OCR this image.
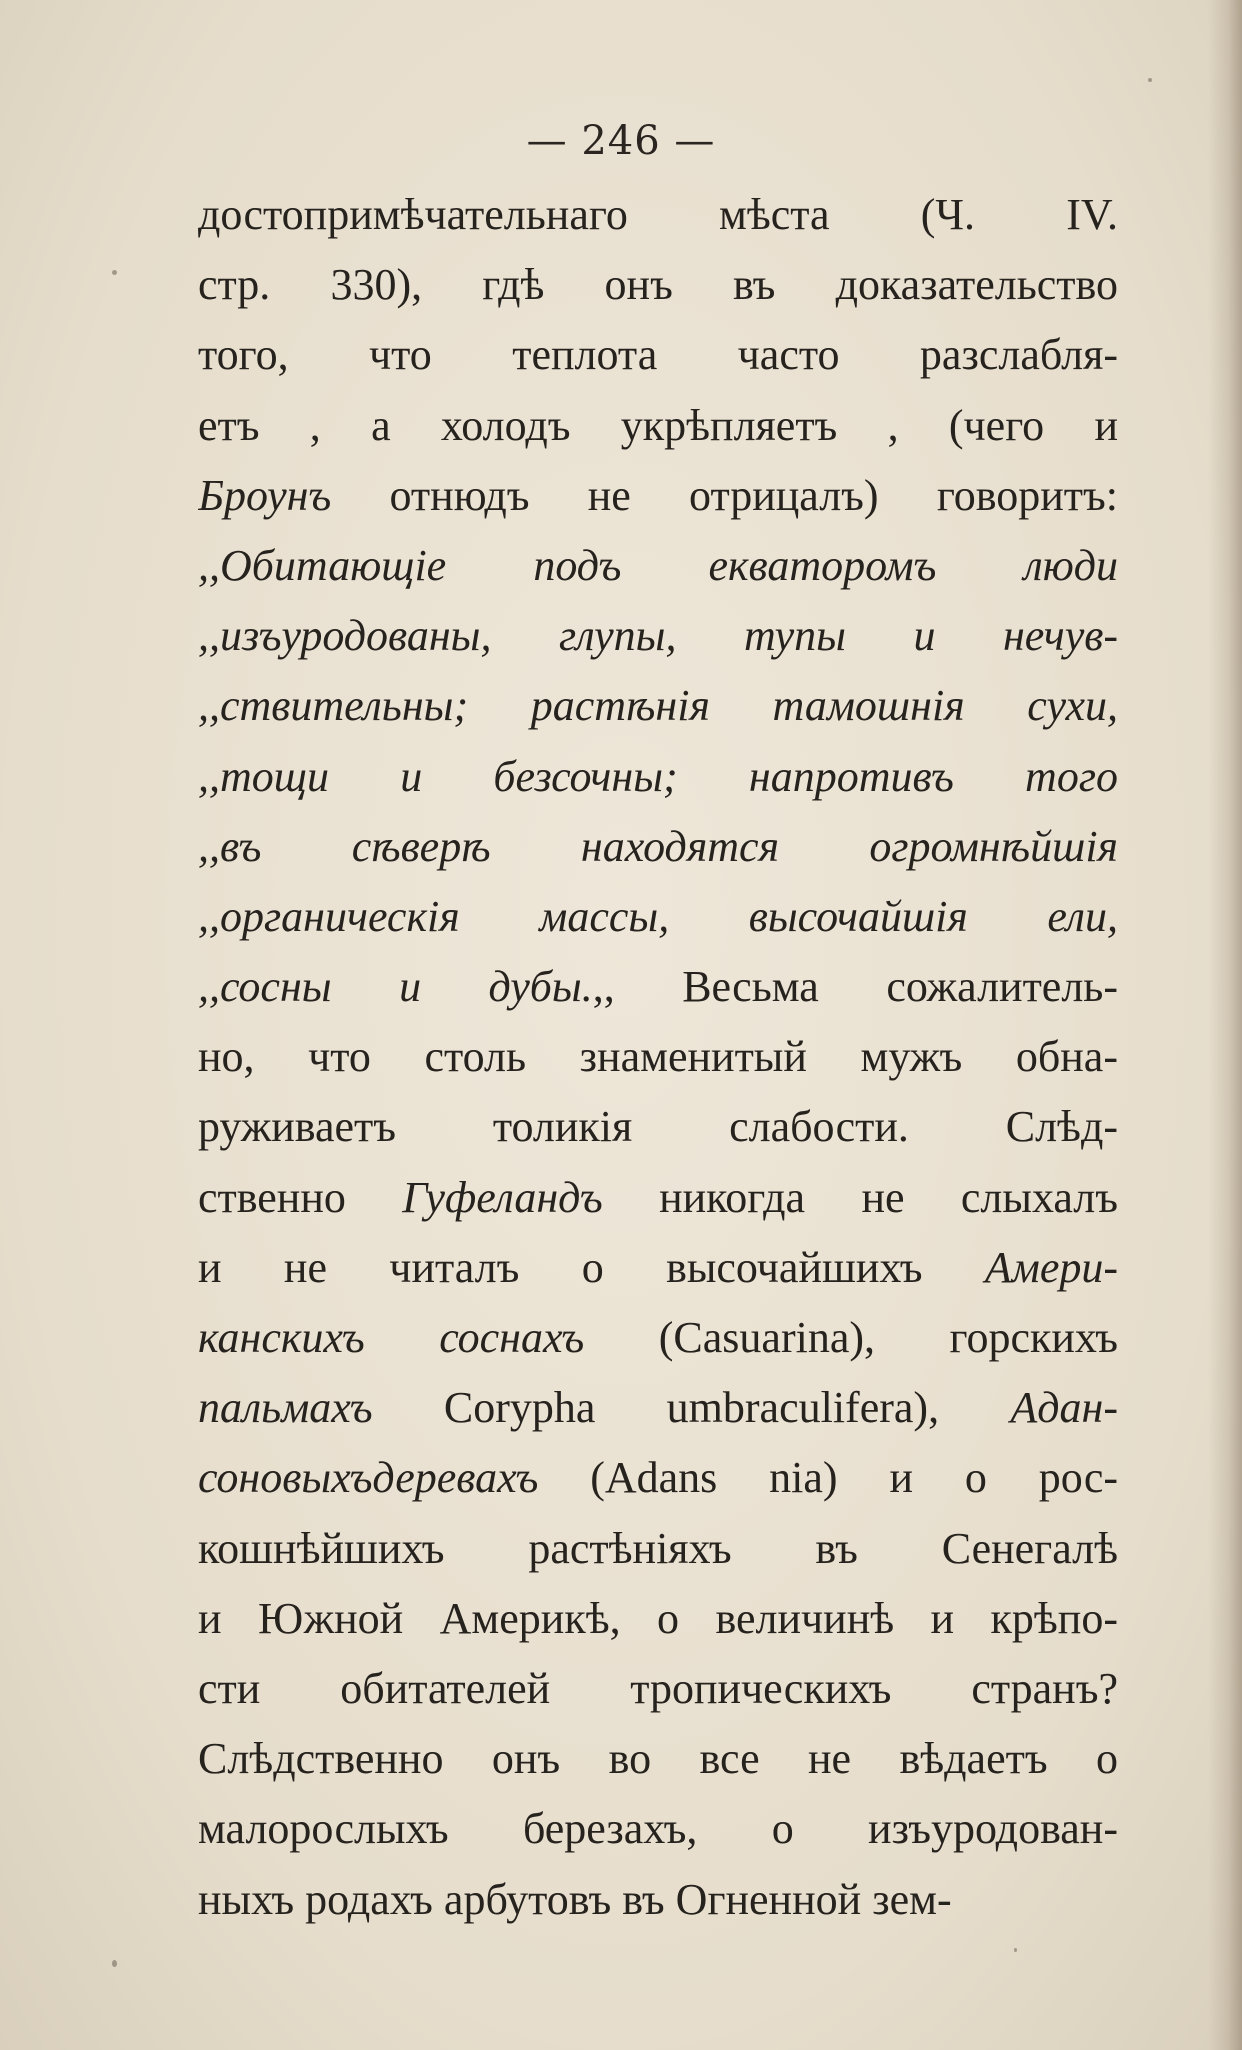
— 246 —
достопримѣчательнаго мѣста (Ч. IV.
стр. 330), гдѣ онъ въ доказательство
того, что теплота часто разслабля-
етъ , а холодъ укрѣпляетъ , (чего и
Броунъ отнюдъ не отрицалъ) говоритъ:
,,Обитающіе подъ екваторомъ люди
,,изъуродованы, глупы, тупы и нечув-
,,ствительны; растѣнія тамошнія сухи,
,,тощи и безсочны; напротивъ того
,,въ сѣверѣ находятся огромнѣйшія
,,органическія массы, высочайшія ели,
,,сосны и дубы.,, Весьма сожалитель-
но, что столь знаменитый мужъ обна-
руживаетъ толикія слабости. Слѣд-
ственно Гуфеландъ никогда не слыхалъ
и не читалъ о высочайшихъ Амери-
канскихъ соснахъ (Casuarina), горскихъ
пальмахъ Corypha umbraculifera), Адан-
соновыхъдеревахъ (Adans nia) и о рос-
кошнѣйшихъ растѣніяхъ въ Сенегалѣ
и Южной Америкѣ, о величинѣ и крѣпо-
сти обитателей тропическихъ странъ?
Слѣдственно онъ во все не вѣдаетъ о
малорослыхъ березахъ, о изъуродован-
ныхъ родахъ арбутовъ въ Огненной зем-
